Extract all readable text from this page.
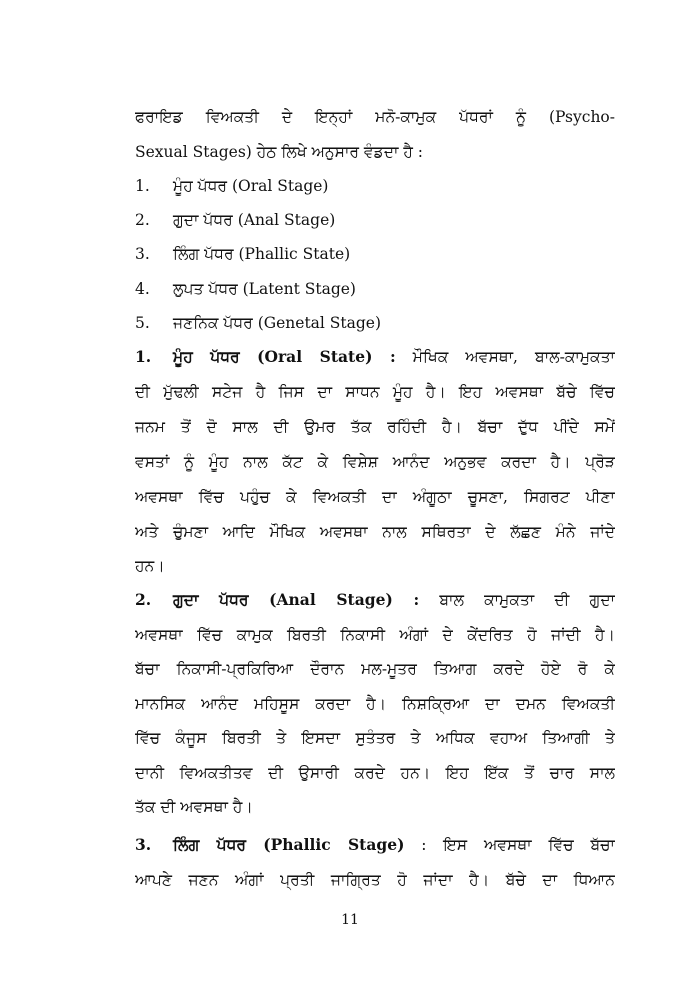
ਫਰਾਇਡ ਵਿਅਕਤੀ ਦੇ ਇਨ੍ਹਾਂ ਮਨੋ-ਕਾਮੁਕ ਪੱਧਰਾਂ ਨੂੰ (Psycho-
Sexual Stages) ਹੇਠ ਲਿਖੇ ਅਨੁਸਾਰ ਵੰਡਦਾ ਹੈ :
1. ਮੂੰਹ ਪੱਧਰ (Oral Stage)
2. ਗੁਦਾ ਪੱਧਰ (Anal Stage)
3. ਲਿੰਗ ਪੱਧਰ (Phallic State)
4. ਲੁਪਤ ਪੱਧਰ (Latent Stage)
5. ਜਣਨਿਕ ਪੱਧਰ (Genetal Stage)
1. ਮੂੰਹ ਪੱਧਰ (Oral State) : ਮੌਖਿਕ ਅਵਸਥਾ, ਬਾਲ-ਕਾਮੁਕਤਾ
ਦੀ ਮੁੱਢਲੀ ਸਟੇਜ ਹੈ ਜਿਸ ਦਾ ਸਾਧਨ ਮੂੰਹ ਹੈ। ਇਹ ਅਵਸਥਾ ਬੱਚੇ ਵਿੱਚ
ਜਨਮ ਤੋਂ ਦੋ ਸਾਲ ਦੀ ਉਮਰ ਤੱਕ ਰਹਿੰਦੀ ਹੈ। ਬੱਚਾ ਦੁੱਧ ਪੀਂਦੇ ਸਮੇਂ
ਵਸਤਾਂ ਨੂੰ ਮੂੰਹ ਨਾਲ ਕੱਟ ਕੇ ਵਿਸ਼ੇਸ਼ ਆਨੰਦ ਅਨੁਭਵ ਕਰਦਾ ਹੈ। ਪ੍ਰੋੜ
ਅਵਸਥਾ ਵਿੱਚ ਪਹੁੰਚ ਕੇ ਵਿਅਕਤੀ ਦਾ ਅੰਗੂਠਾ ਚੂਸਣਾ, ਸਿਗਰਟ ਪੀਣਾ
ਅਤੇ ਚੁੰਮਣਾ ਆਦਿ ਮੌਖਿਕ ਅਵਸਥਾ ਨਾਲ ਸਥਿਰਤਾ ਦੇ ਲੱਛਣ ਮੰਨੇ ਜਾਂਦੇ
ਹਨ।
2. ਗੁਦਾ ਪੱਧਰ (Anal Stage) : ਬਾਲ ਕਾਮੁਕਤਾ ਦੀ ਗੁਦਾ
ਅਵਸਥਾ ਵਿੱਚ ਕਾਮੁਕ ਬਿਰਤੀ ਨਿਕਾਸੀ ਅੰਗਾਂ ਦੇ ਕੇਂਦਰਿਤ ਹੋ ਜਾਂਦੀ ਹੈ।
ਬੱਚਾ ਨਿਕਾਸੀ-ਪ੍ਰਕਿਰਿਆ ਦੌਰਾਨ ਮਲ-ਮੂਤਰ ਤਿਆਗ ਕਰਦੇ ਹੋਏ ਰੋ ਕੇ
ਮਾਨਸਿਕ ਆਨੰਦ ਮਹਿਸੂਸ ਕਰਦਾ ਹੈ। ਨਿਸ਼ਕ੍ਰਿਆ ਦਾ ਦਮਨ ਵਿਅਕਤੀ
ਵਿੱਚ ਕੰਜੂਸ ਬਿਰਤੀ ਤੇ ਇਸਦਾ ਸੁਤੰਤਰ ਤੇ ਅਧਿਕ ਵਹਾਅ ਤਿਆਗੀ ਤੇ
ਦਾਨੀ ਵਿਅਕਤੀਤਵ ਦੀ ਉਸਾਰੀ ਕਰਦੇ ਹਨ। ਇਹ ਇੱਕ ਤੋਂ ਚਾਰ ਸਾਲ
ਤੱਕ ਦੀ ਅਵਸਥਾ ਹੈ।
3. ਲਿੰਗ ਪੱਧਰ (Phallic Stage) : ਇਸ ਅਵਸਥਾ ਵਿੱਚ ਬੱਚਾ
ਆਪਣੇ ਜਣਨ ਅੰਗਾਂ ਪ੍ਰਤੀ ਜਾਗ੍ਰਿਤ ਹੋ ਜਾਂਦਾ ਹੈ। ਬੱਚੇ ਦਾ ਧਿਆਨ
11
